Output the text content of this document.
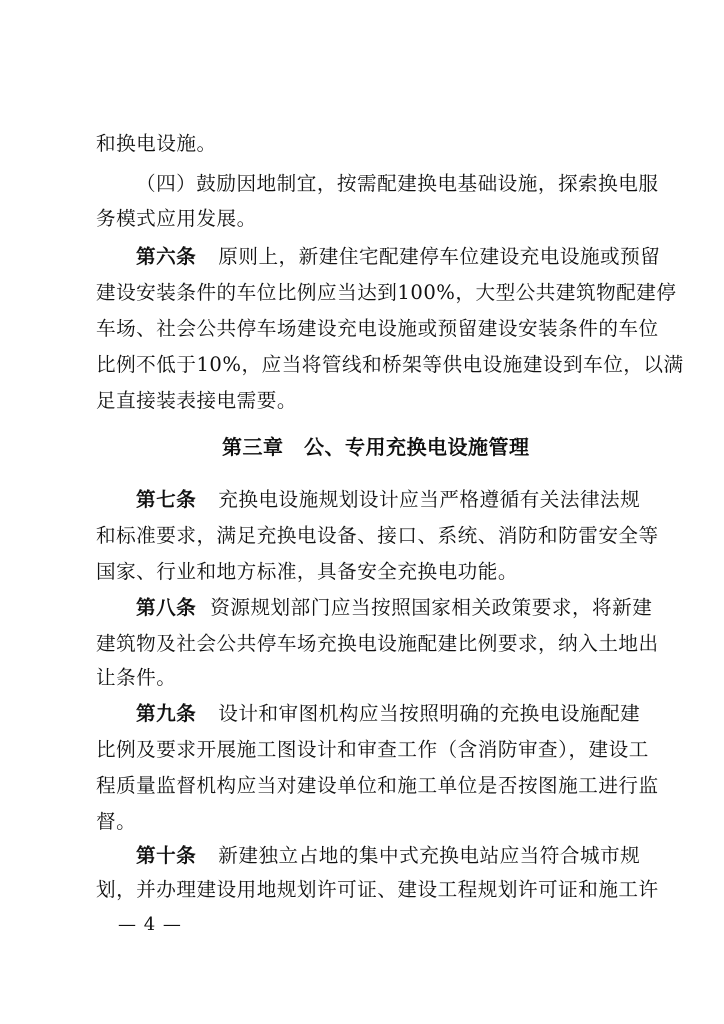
和换电设施。
（四）鼓励因地制宜，按需配建换电基础设施，探索换电服
务模式应用发展。
第六条 原则上，新建住宅配建停车位建设充电设施或预留
建设安装条件的车位比例应当达到100%，大型公共建筑物配建停
车场、社会公共停车场建设充电设施或预留建设安装条件的车位
比例不低于10%，应当将管线和桥架等供电设施建设到车位，以满
足直接装表接电需要。
第三章　公、专用充换电设施管理
第七条 充换电设施规划设计应当严格遵循有关法律法规
和标准要求，满足充换电设备、接口、系统、消防和防雷安全等
国家、行业和地方标准，具备安全充换电功能。
第八条 资源规划部门应当按照国家相关政策要求，将新建
建筑物及社会公共停车场充换电设施配建比例要求，纳入土地出
让条件。
第九条 设计和审图机构应当按照明确的充换电设施配建
比例及要求开展施工图设计和审查工作（含消防审查），建设工
程质量监督机构应当对建设单位和施工单位是否按图施工进行监
督。
第十条 新建独立占地的集中式充换电站应当符合城市规
划，并办理建设用地规划许可证、建设工程规划许可证和施工许
— 4 —
